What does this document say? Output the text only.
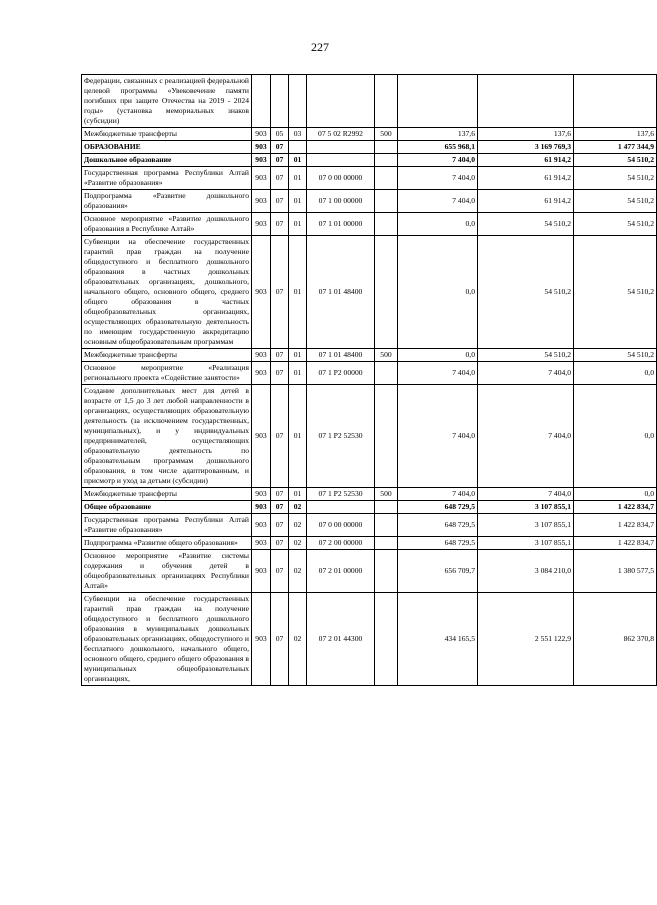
227
Федерации, связанных с реализацией федеральной целевой программы «Увековечение памяти погибших при защите Отечества на 2019 - 2024 годы» (установка мемориальных знаков (субсидии)								
Межбюджетные трансферты	903	05	03	07 5 02 R2992	500	137,6	137,6	137,6
ОБРАЗОВАНИЕ	903	07				655 968,1	3 169 769,3	1 477 344,9
Дошкольное образование	903	07	01			7 404,0	61 914,2	54 510,2
Государственная программа Республики Алтай «Развитие образования»	903	07	01	07 0 00 00000		7 404,0	61 914,2	54 510,2
Подпрограмма «Развитие дошкольного образования»	903	07	01	07 1 00 00000		7 404,0	61 914,2	54 510,2
Основное мероприятие «Развитие дошкольного образования в Республике Алтай»	903	07	01	07 1 01 00000		0,0	54 510,2	54 510,2
Субвенции на обеспечение государственных гарантий прав граждан на получение общедоступного и бесплатного дошкольного образования в частных дошкольных образовательных организациях, дошкольного, начального общего, основного общего, среднего общего образования в частных общеобразовательных организациях, осуществляющих образовательную деятельность по имеющим государственную аккредитацию основным общеобразовательным программам	903	07	01	07 1 01 48400		0,0	54 510,2	54 510,2
Межбюджетные трансферты	903	07	01	07 1 01 48400	500	0,0	54 510,2	54 510,2
Основное мероприятие «Реализация регионального проекта «Содействие занятости»	903	07	01	07 1 P2 00000		7 404,0	7 404,0	0,0
Создание дополнительных мест для детей в возрасте от 1,5 до 3 лет любой направленности в организациях, осуществляющих образовательную деятельность (за исключением государственных, муниципальных), и у индивидуальных предпринимателей, осуществляющих образовательную деятельность по образовательным программам дошкольного образования, в том числе адаптированным, и присмотр и уход за детьми (субсидии)	903	07	01	07 1 P2 52530		7 404,0	7 404,0	0,0
Межбюджетные трансферты	903	07	01	07 1 P2 52530	500	7 404,0	7 404,0	0,0
Общее образование	903	07	02			648 729,5	3 107 855,1	1 422 834,7
Государственная программа Республики Алтай «Развитие образования»	903	07	02	07 0 00 00000		648 729,5	3 107 855,1	1 422 834,7
Подпрограмма «Развитие общего образования»	903	07	02	07 2 00 00000		648 729,5	3 107 855,1	1 422 834,7
Основное мероприятие «Развитие системы содержания и обучения детей в общеобразовательных организациях Республики Алтай»	903	07	02	07 2 01 00000		656 709,7	3 084 210,0	1 380 577,5
Субвенции на обеспечение государственных гарантий прав граждан на получение общедоступного и бесплатного дошкольного образования в муниципальных дошкольных образовательных организациях, общедоступного и бесплатного дошкольного, начального общего, основного общего, среднего общего образования в муниципальных общеобразовательных организациях,	903	07	02	07 2 01 44300		434 165,5	2 551 122,9	862 370,8
